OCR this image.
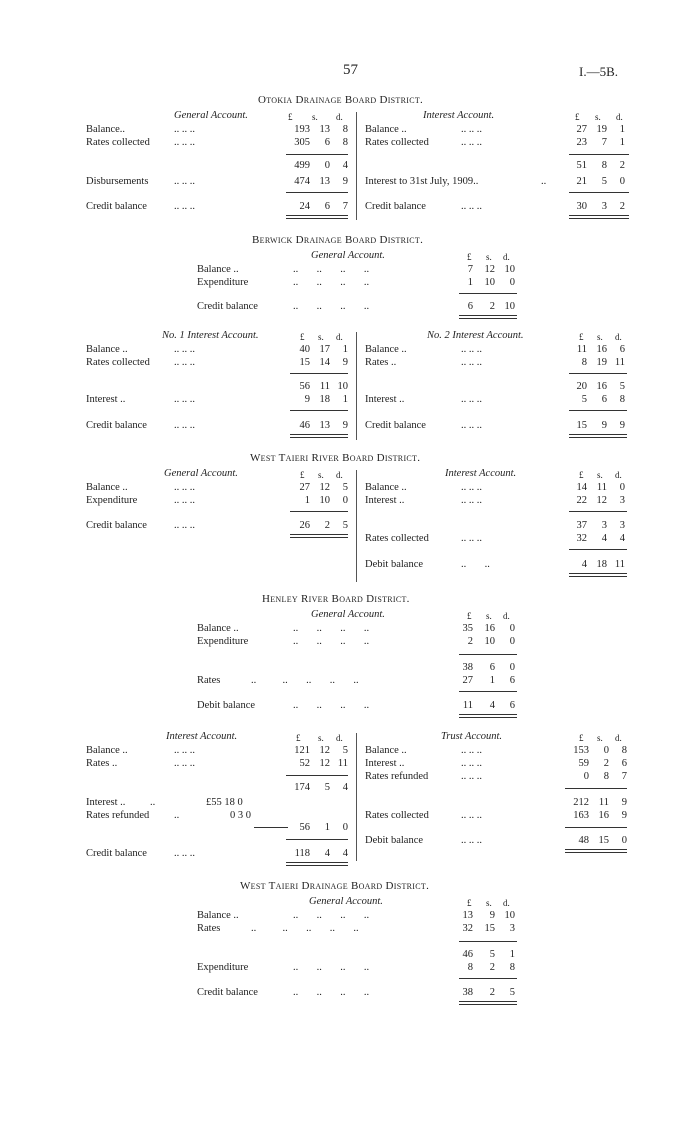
57	I.—5B.
Otokia Drainage Board District.
General Account.	£ s. d.
Balance..	.. .. ..	193 13	8
Rates collected .. .. ..	305	6	8
499	0	4
Disbursements .. .. ..	474 13	9
Credit balance	.. .. ..	24	6	7
Interest Account.	£ s. d.
Balance ..	.. .. ..	27 19	1
Rates collected	.. .. ..	23	7	1
51	8	2
Interest to 31st July, 1909..	..	21	5	0
Credit balance	.. .. ..	30	3	2
Berwick Drainage Board District.
General Account.	£ s. d.
Balance ..	..       ..       ..       ..	7	12 10
Expenditure	..       ..       ..       ..	1	10	0
Credit balance	..       ..       ..       ..	6	2 10
No. 1 Interest Account.	£ s. d.
Balance ..	.. .. ..	40 17	1
Rates collected .. .. ..	15 14	9
56 11 10
Interest ..	.. .. ..	9 18	1
Credit balance	.. .. ..	46 13	9
No. 2 Interest Account.	£ s. d.
Balance ..	.. .. ..	11 16	6
Rates ..	.. .. ..	8 19 11
20 16	5
Interest ..	.. .. ..	5	6	8
Credit balance	.. .. ..	15	9	9
West Taieri River Board District.
General Account.	£ s. d.
Balance ..	.. .. ..	27 12	5
Expenditure	.. .. ..	1 10	0
Credit balance	.. .. ..	26	2	5
Interest Account.	£ s. d.
Balance ..	.. .. ..	14 11	0
Interest ..	.. .. ..	22 12	3
37	3	3
Rates collected	.. .. ..	32	4	4
Debit balance	..       ..	4 18 11
Henley River Board District.
General Account.	£ s. d.
Balance ..	..       ..       ..       ..	35	16	0
Expenditure	..       ..       ..       ..	2	10	0
38	6	0
Rates	..          ..       ..       ..       ..	27	1	6
Debit balance	..       ..       ..       ..	11	4	6
Interest Account.	£ s. d.
Balance ..	.. .. ..	121 12	5
Rates ..	.. .. ..	52 12 11
174	5	4
Interest .. ..	£55 18 0
Rates refunded ..	0 3 0
56	1	0
Credit balance	.. .. ..	118	4	4
Trust Account.	£ s. d.
Balance ..	.. .. ..	153	0	8
Interest ..	.. .. ..	59	2	6
Rates refunded	.. .. ..	0	8	7
212 11	9
Rates collected	.. .. ..	163 16	9
Debit balance	.. .. ..	48 15	0
West Taieri Drainage Board District.
General Account.	£ s. d.
Balance ..	..       ..       ..       ..	13	9 10
Rates	..          ..       ..       ..       ..	32	15	3
46	5	1
Expenditure	..       ..       ..       ..	8	2	8
Credit balance	..       ..       ..       ..	38	2	5
